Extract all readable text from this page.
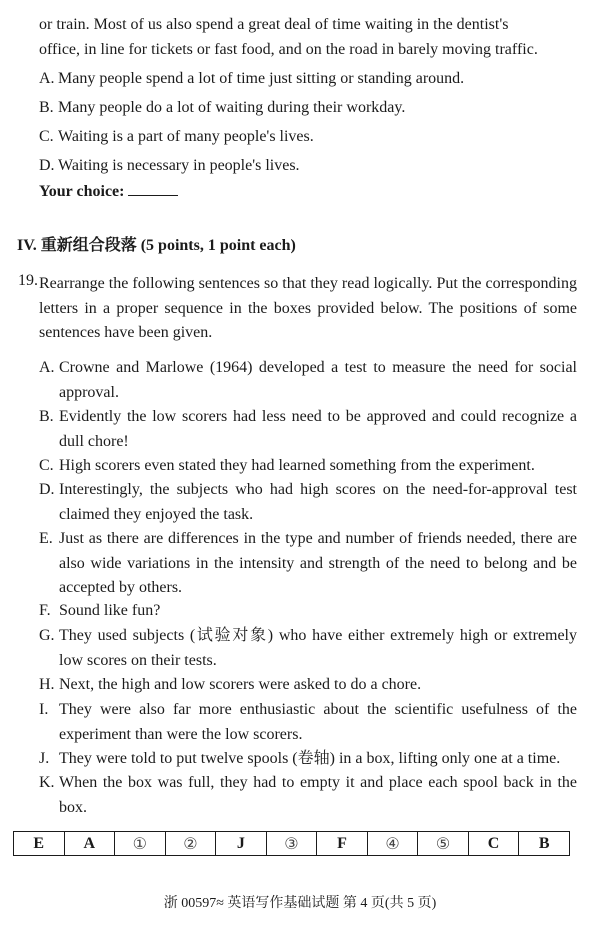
or train. Most of us also spend a great deal of time waiting in the dentist's
office, in line for tickets or fast food, and on the road in barely moving traffic.
A. Many people spend a lot of time just sitting or standing around.
B. Many people do a lot of waiting during their workday.
C. Waiting is a part of many people's lives.
D. Waiting is necessary in people's lives.
Your choice:
IV. 重新组合段落 (5 points, 1 point each)
19. Rearrange the following sentences so that they read logically. Put the corresponding letters in a proper sequence in the boxes provided below. The positions of some sentences have been given.
A. Crowne and Marlowe (1964) developed a test to measure the need for social approval.
B. Evidently the low scorers had less need to be approved and could recognize a dull chore!
C. High scorers even stated they had learned something from the experiment.
D. Interestingly, the subjects who had high scores on the need-for-approval test claimed they enjoyed the task.
E. Just as there are differences in the type and number of friends needed, there are also wide variations in the intensity and strength of the need to belong and be accepted by others.
F. Sound like fun?
G. They used subjects (试验对象) who have either extremely high or extremely low scores on their tests.
H. Next, the high and low scorers were asked to do a chore.
I. They were also far more enthusiastic about the scientific usefulness of the experiment than were the low scorers.
J. They were told to put twelve spools (卷轴) in a box, lifting only one at a time.
K. When the box was full, they had to empty it and place each spool back in the box.
E	A	①	②	J	③	F	④	⑤	C	B
浙 00597≈ 英语写作基础试题 第 4 页(共 5 页)
